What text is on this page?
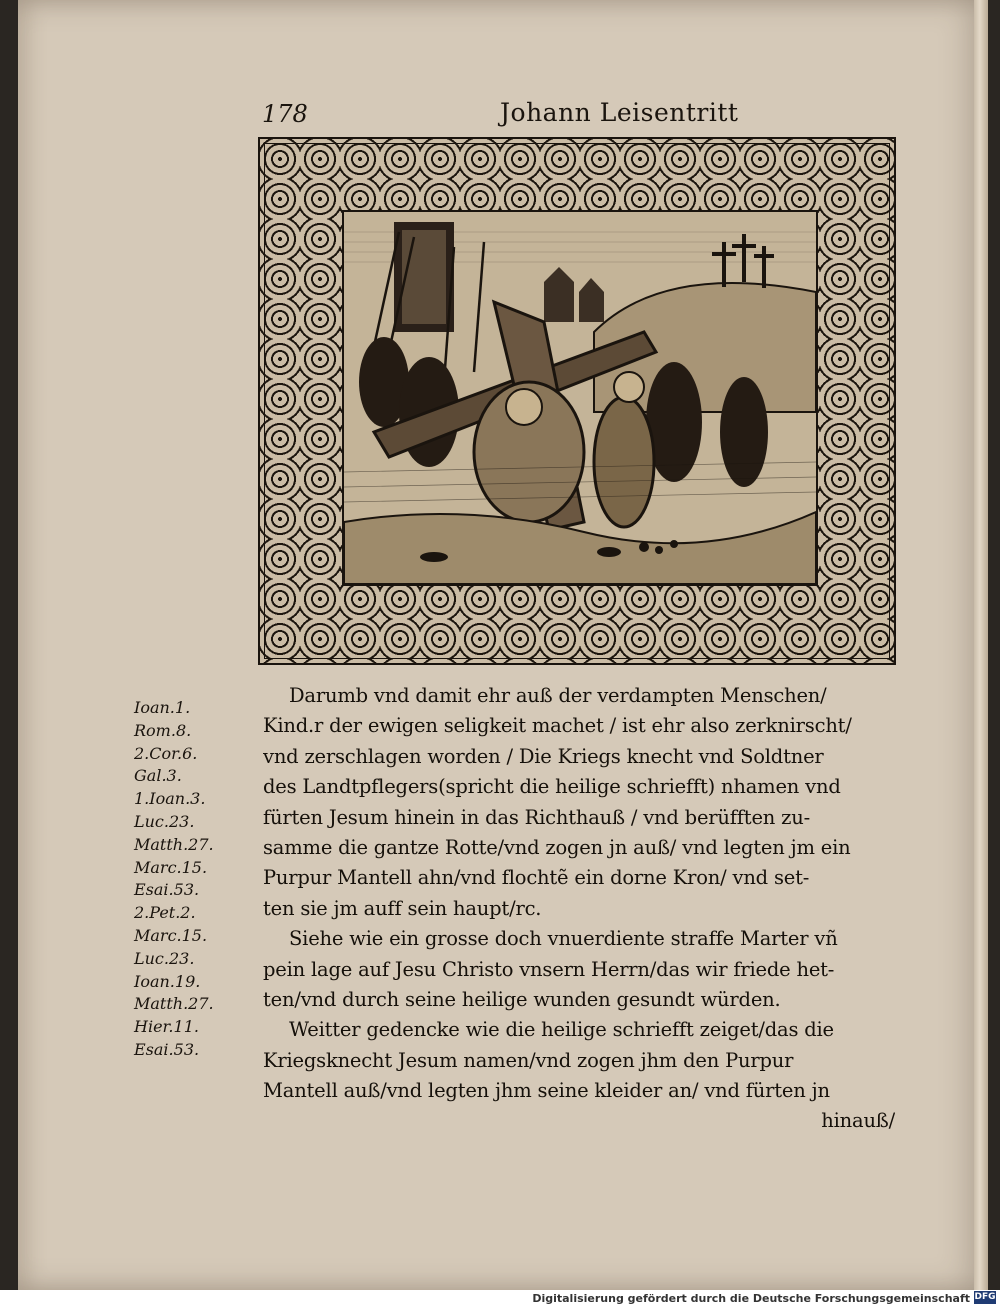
178	Johann Leisentritt
Ioan.1.
Rom.8.
2.Cor.6.
Gal.3.
1.Ioan.3.
Luc.23.
Matth.27.
Marc.15.
Esai.53.
2.Pet.2.
Marc.15.
Luc.23.
Ioan.19.
Matth.27.
Hier.11.
Esai.53.
Darumb vnd damit ehr auß der verdampten Menschen/
Kind.r der ewigen seligkeit machet / ist ehr also zerknirscht/
vnd zerschlagen worden / Die Kriegs knecht vnd Soldtner
des Landtpflegers(spricht die heilige schriefft) nhamen vnd
fürten Jesum hinein in das Richthauß / vnd berüfften zu-
samme die gantze Rotte/vnd zogen jn auß/ vnd legten jm ein
Purpur Mantell ahn/vnd flochtẽ ein dorne Kron/ vnd set-
ten sie jm auff sein haupt/rc.
Siehe wie ein grosse doch vnuerdiente straffe Marter vñ
pein lage auf Jesu Christo vnsern Herrn/das wir friede het-
ten/vnd durch seine heilige wunden gesundt würden.
Weitter gedencke wie die heilige schriefft zeiget/das die
Kriegsknecht Jesum namen/vnd zogen jhm den Purpur
Mantell auß/vnd legten jhm seine kleider an/ vnd fürten jn
hinauß/
Digitalisierung gefördert durch die Deutsche Forschungsgemeinschaft DFG
